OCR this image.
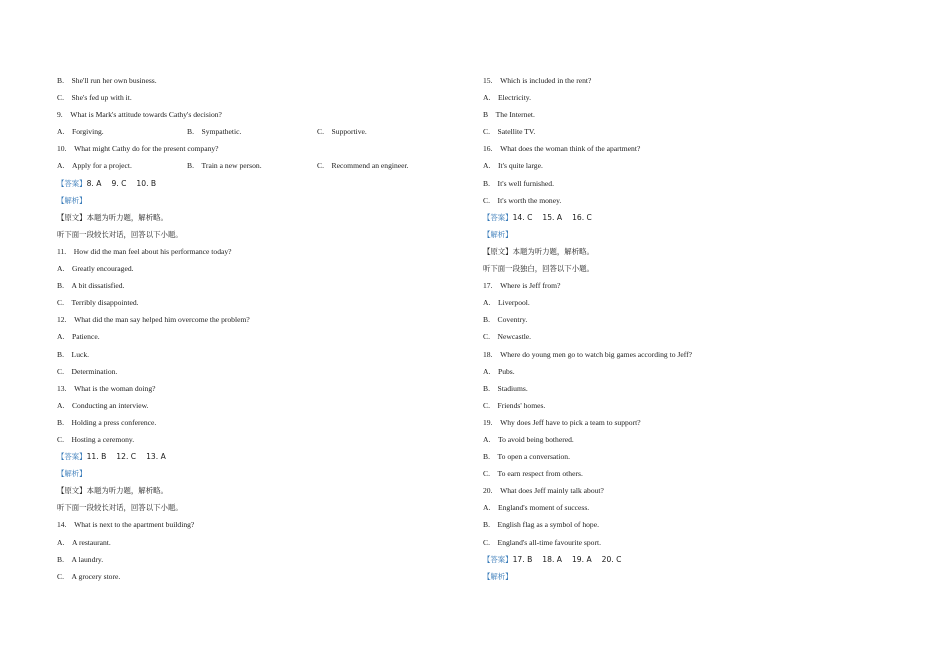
B.　She'll run her own business.
C.　She's fed up with it.
9.　What is Mark's attitude towards Cathy's decision?
A.　Forgiving.	B.　Sympathetic.	C.　Supportive.
10.　What might Cathy do for the present company?
A.　Apply for a project.	B.　Train a new person.	C.　Recommend an engineer.
【答案】8. A　 9. C　 10. B
【解析】
【原文】本题为听力题，解析略。
听下面一段较长对话，回答以下小题。
11.　How did the man feel about his performance today?
A.　Greatly encouraged.
B.　A bit dissatisfied.
C.　Terribly disappointed.
12.　What did the man say helped him overcome the problem?
A.　Patience.
B.　Luck.
C.　Determination.
13.　What is the woman doing?
A.　Conducting an interview.
B.　Holding a press conference.
C.　Hosting a ceremony.
【答案】11. B　 12. C　 13. A
【解析】
【原文】本题为听力题，解析略。
听下面一段较长对话，回答以下小题。
14.　What is next to the apartment building?
A.　A restaurant.
B.　A laundry.
C.　A grocery store.
15.　Which is included in the rent?
A.　Electricity.
B　The Internet.
C.　Satellite TV.
16.　What does the woman think of the apartment?
A.　It's quite large.
B.　It's well furnished.
C.　It's worth the money.
【答案】14. C　 15. A　 16. C
【解析】
【原文】本题为听力题，解析略。
听下面一段独白，回答以下小题。
17.　Where is Jeff from?
A.　Liverpool.
B.　Coventry.
C.　Newcastle.
18.　Where do young men go to watch big games according to Jeff?
A.　Pubs.
B.　Stadiums.
C.　Friends' homes.
19.　Why does Jeff have to pick a team to support?
A.　To avoid being bothered.
B.　To open a conversation.
C.　To earn respect from others.
20.　What does Jeff mainly talk about?
A.　England's moment of success.
B.　English flag as a symbol of hope.
C.　England's all-time favourite sport.
【答案】17. B　 18. A　 19. A　 20. C
【解析】
